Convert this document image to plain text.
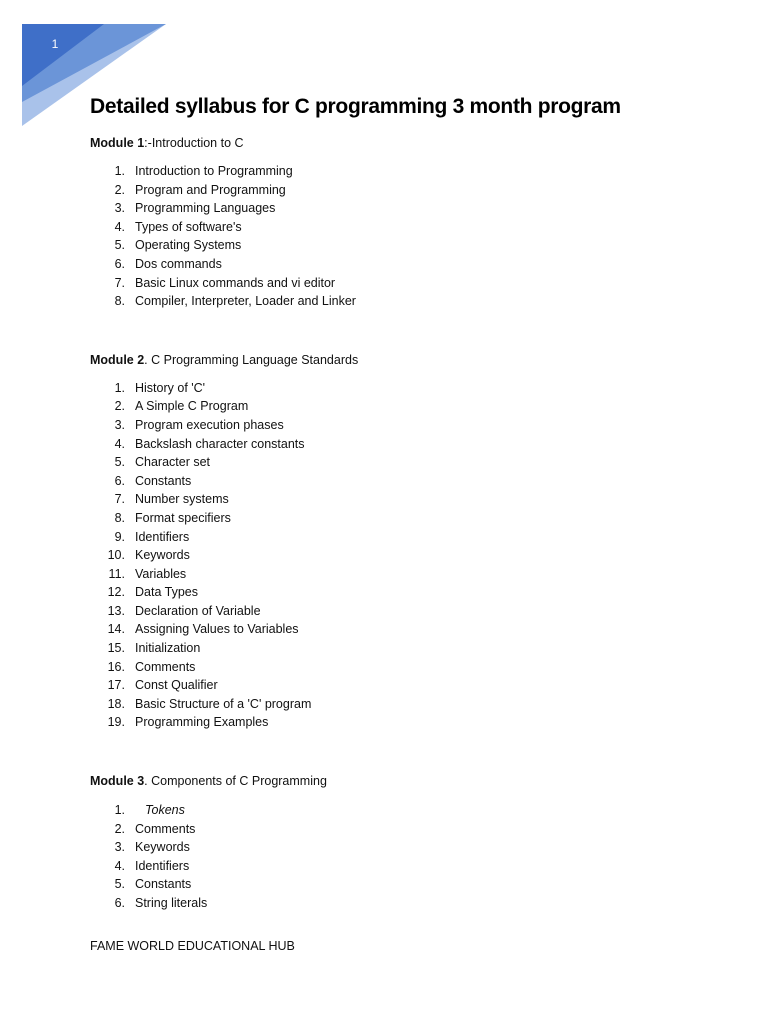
1
Detailed syllabus for C programming 3 month program
Module 1:-Introduction to C
1. Introduction to Programming
2. Program and Programming
3. Programming Languages
4. Types of software's
5. Operating Systems
6. Dos commands
7. Basic Linux commands and vi editor
8. Compiler, Interpreter, Loader and Linker
Module 2. C Programming Language Standards
1. History of 'C'
2. A Simple C Program
3. Program execution phases
4. Backslash character constants
5. Character set
6. Constants
7. Number systems
8. Format specifiers
9. Identifiers
10. Keywords
11. Variables
12. Data Types
13. Declaration of Variable
14. Assigning Values to Variables
15. Initialization
16. Comments
17. Const Qualifier
18. Basic Structure of a 'C' program
19. Programming Examples
Module 3. Components of C Programming
1.	Tokens
2. Comments
3. Keywords
4. Identifiers
5. Constants
6. String literals
FAME WORLD EDUCATIONAL HUB
